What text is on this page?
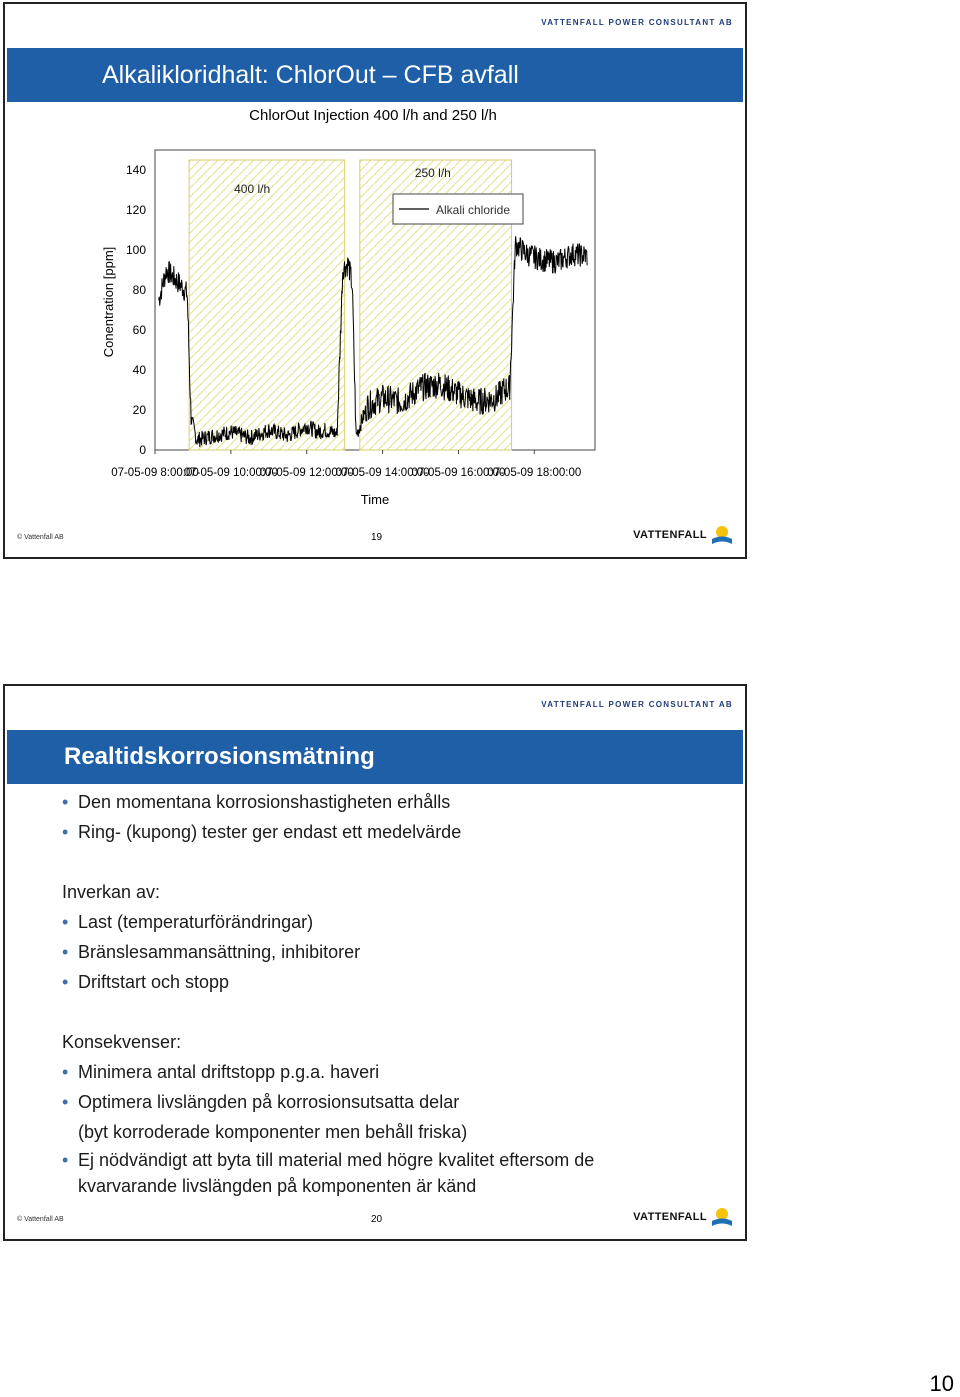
VATTENFALL POWER CONSULTANT AB
Alkalikloridhalt: ChlorOut – CFB avfall
ChlorOut Injection 400 l/h and 250 l/h
400 l/h
250 l/h
0
20
40
60
80
100
120
140
07-05-09 8:00:00
07-05-09 10:00:00
07-05-09 12:00:00
07-05-09 14:00:00
07-05-09 16:00:00
07-05-09 18:00:00
Conentration [ppm]
Time
Alkali chloride
© Vattenfall AB	19	VATTENFALL
VATTENFALL POWER CONSULTANT AB
Realtidskorrosionsmätning
• Den momentana korrosionshastigheten erhålls
• Ring- (kupong) tester ger endast ett medelvärde
Inverkan av:
• Last (temperaturförändringar)
• Bränslesammansättning, inhibitorer
• Driftstart och stopp
Konsekvenser:
• Minimera antal driftstopp p.g.a. haveri
• Optimera livslängden på korrosionsutsatta delar
(byt korroderade komponenter men behåll friska)
• Ej nödvändigt att byta till material med högre kvalitet eftersom de
kvarvarande livslängden på komponenten är känd
© Vattenfall AB	20	VATTENFALL
10
